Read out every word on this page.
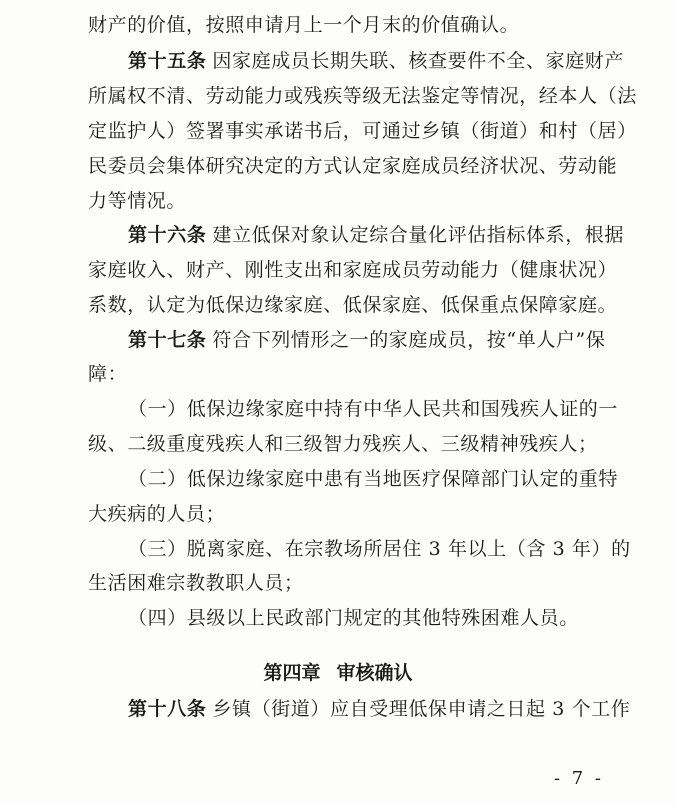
财产的价值，按照申请月上一个月末的价值确认。
第十五条 因家庭成员长期失联、核查要件不全、家庭财产
所属权不清、劳动能力或残疾等级无法鉴定等情况，经本人（法
定监护人）签署事实承诺书后，可通过乡镇（街道）和村（居）
民委员会集体研究决定的方式认定家庭成员经济状况、劳动能
力等情况。
第十六条 建立低保对象认定综合量化评估指标体系，根据
家庭收入、财产、刚性支出和家庭成员劳动能力（健康状况）
系数，认定为低保边缘家庭、低保家庭、低保重点保障家庭。
第十七条 符合下列情形之一的家庭成员，按“单人户”保
障：
（一）低保边缘家庭中持有中华人民共和国残疾人证的一
级、二级重度残疾人和三级智力残疾人、三级精神残疾人；
（二）低保边缘家庭中患有当地医疗保障部门认定的重特
大疾病的人员；
（三）脱离家庭、在宗教场所居住 3 年以上（含 3 年）的
生活困难宗教教职人员；
（四）县级以上民政部门规定的其他特殊困难人员。
第四章 审核确认
第十八条 乡镇（街道）应自受理低保申请之日起 3 个工作
- 7 -
